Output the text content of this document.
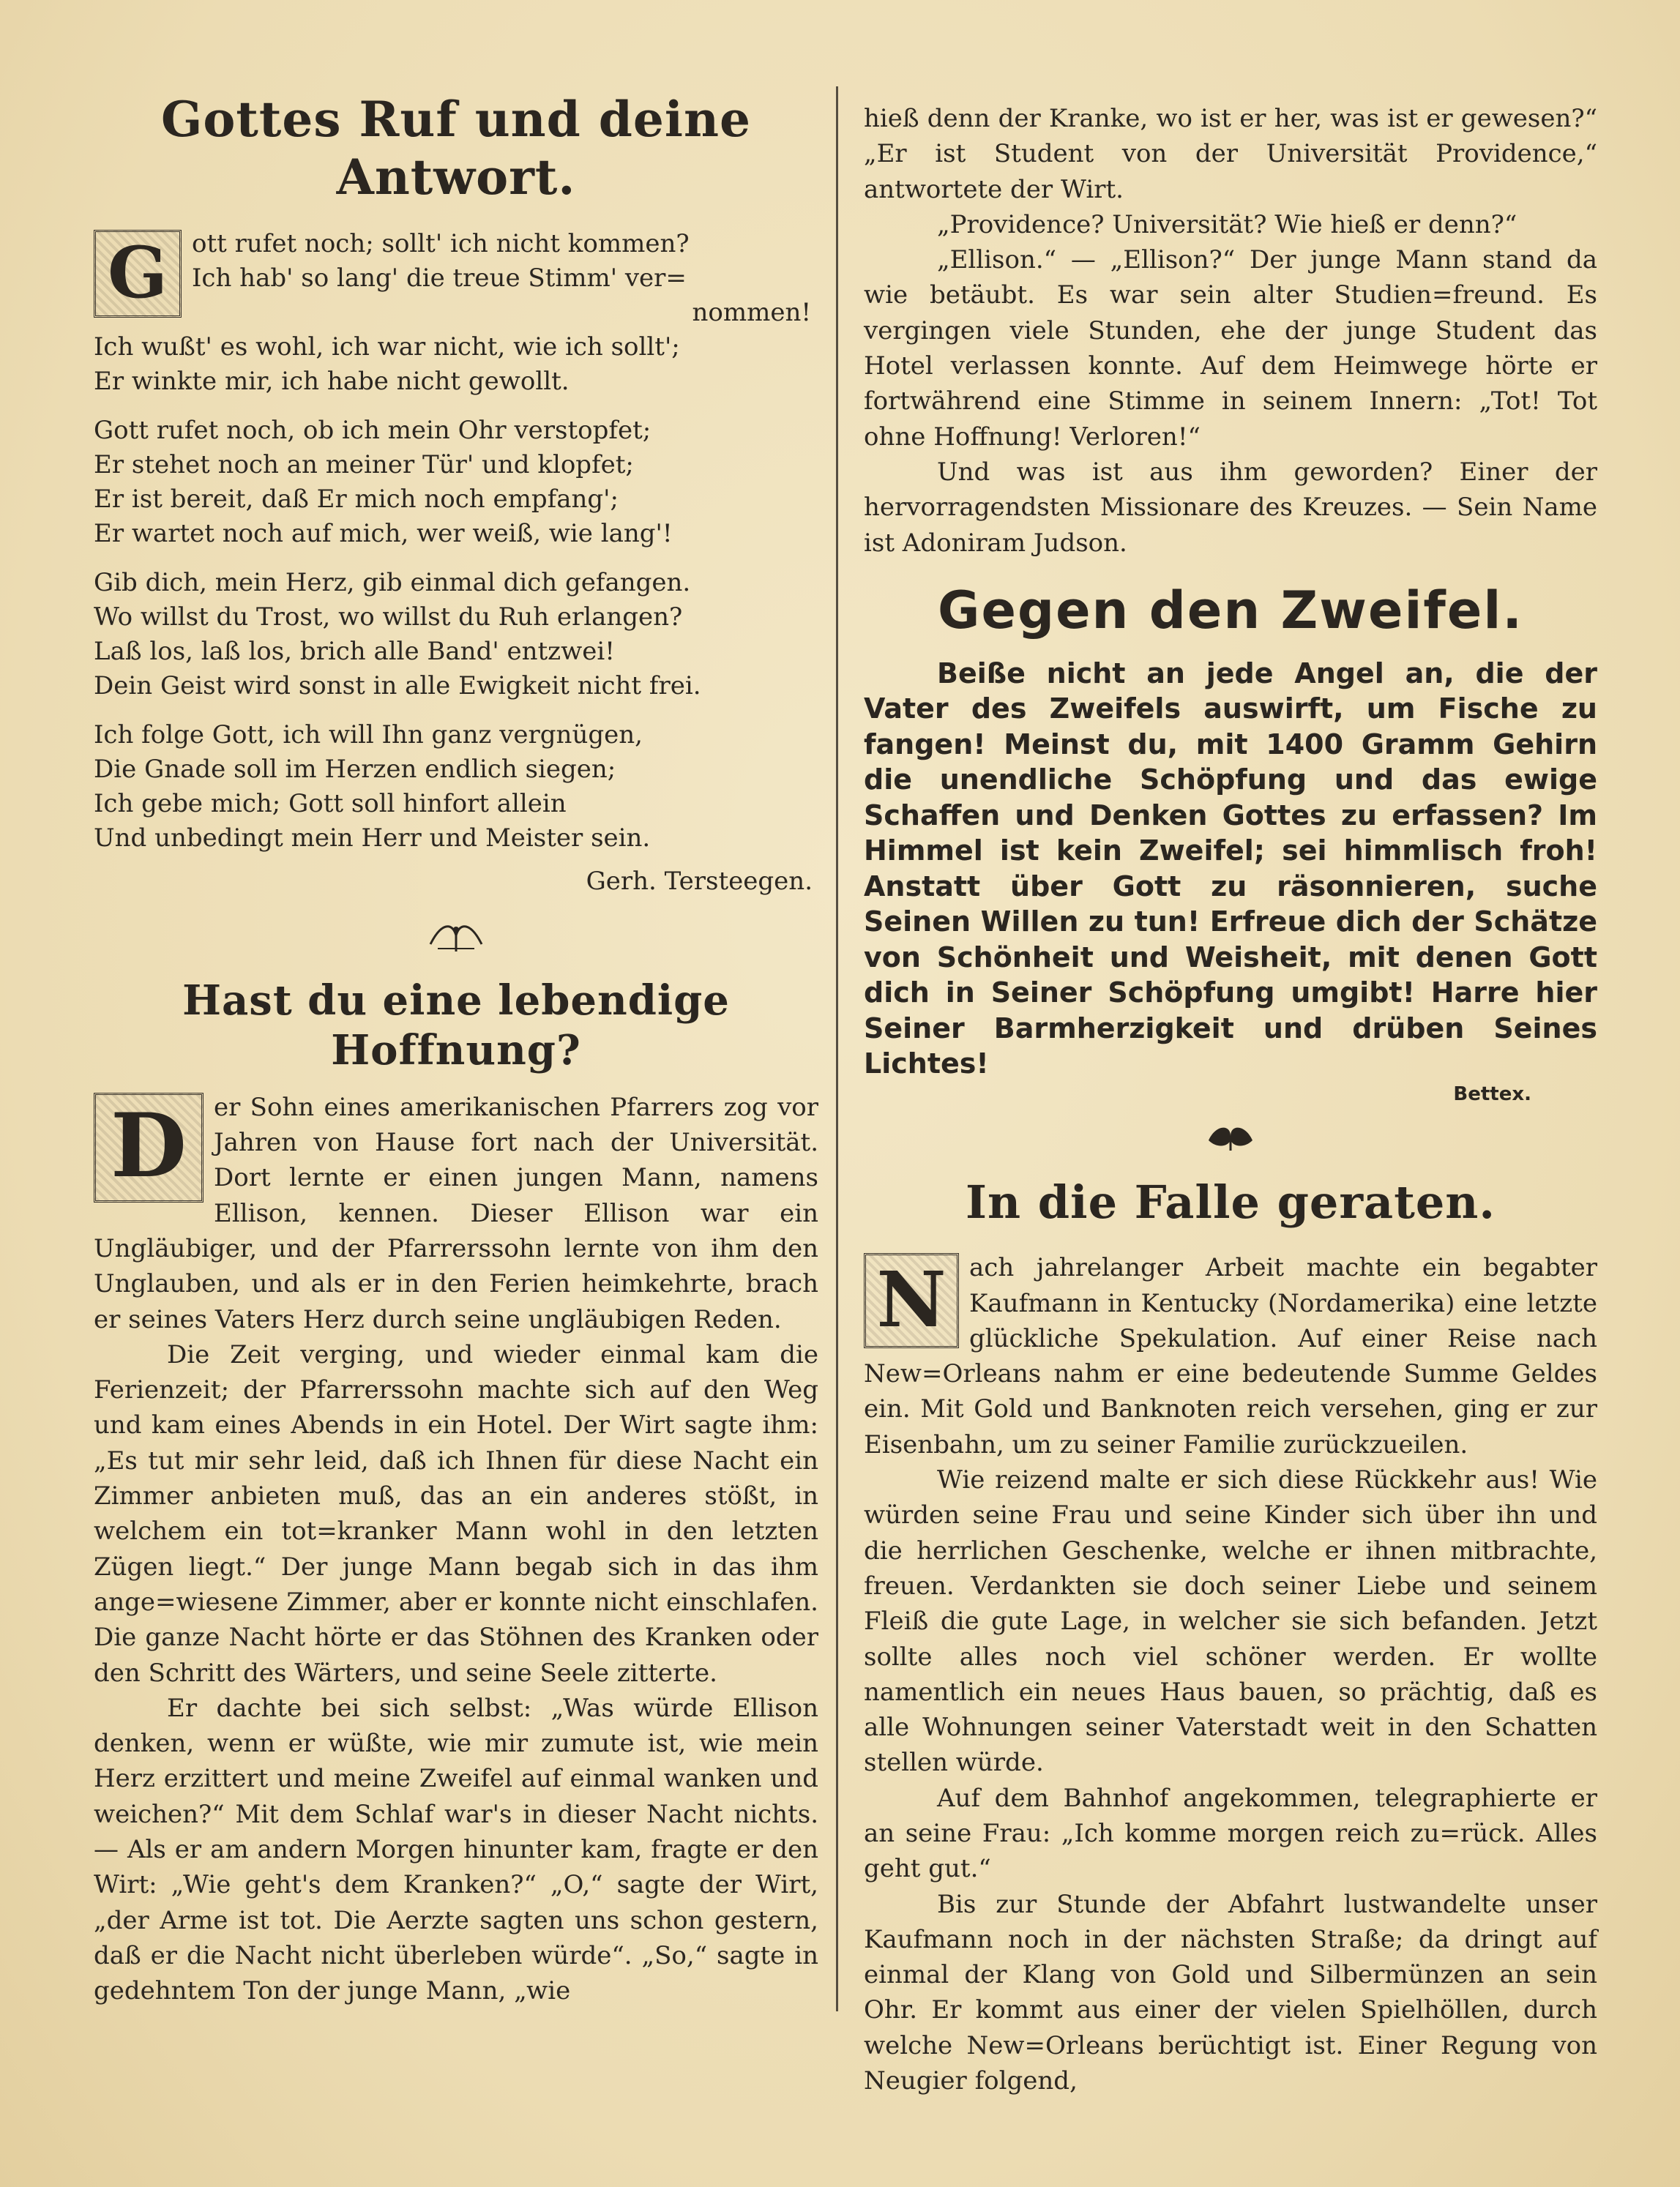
Gottes Ruf und deine Antwort.
G ott rufet noch; sollt' ich nicht kommen?
Ich hab' so lang' die treue Stimm' ver=
nommen!
Ich wußt' es wohl, ich war nicht, wie ich sollt';
Er winkte mir, ich habe nicht gewollt.
Gott rufet noch, ob ich mein Ohr verstopfet;
Er stehet noch an meiner Tür' und klopfet;
Er ist bereit, daß Er mich noch empfang';
Er wartet noch auf mich, wer weiß, wie lang'!
Gib dich, mein Herz, gib einmal dich gefangen.
Wo willst du Trost, wo willst du Ruh erlangen?
Laß los, laß los, brich alle Band' entzwei!
Dein Geist wird sonst in alle Ewigkeit nicht frei.
Ich folge Gott, ich will Ihn ganz vergnügen,
Die Gnade soll im Herzen endlich siegen;
Ich gebe mich; Gott soll hinfort allein
Und unbedingt mein Herr und Meister sein.
Gerh. Tersteegen.
Hast du eine lebendige Hoffnung?

D	er Sohn eines amerikanischen Pfarrers zog vor Jahren von Hause fort nach der Universität. Dort lernte er einen jungen Mann, namens Ellison, kennen. Dieser Ellison war ein Ungläubiger, und der Pfarrerssohn lernte von ihm den Unglauben, und als er in den Ferien heimkehrte, brach er seines Vaters Herz durch seine ungläubigen Reden.

Die Zeit verging, und wieder einmal kam die Ferienzeit; der Pfarrerssohn machte sich auf den Weg und kam eines Abends in ein Hotel. Der Wirt sagte ihm: „Es tut mir sehr leid, daß ich Ihnen für diese Nacht ein Zimmer anbieten muß, das an ein anderes stößt, in welchem ein tot=kranker Mann wohl in den letzten Zügen liegt.“ Der junge Mann begab sich in das ihm ange=wiesene Zimmer, aber er konnte nicht einschlafen. Die ganze Nacht hörte er das Stöhnen des Kranken oder den Schritt des Wärters, und seine Seele zitterte.

Er dachte bei sich selbst: „Was würde Ellison denken, wenn er wüßte, wie mir zumute ist, wie mein Herz erzittert und meine Zweifel auf einmal wanken und weichen?“ Mit dem Schlaf war's in dieser Nacht nichts. — Als er am andern Morgen hinunter kam, fragte er den Wirt: „Wie geht's dem Kranken?“ „O,“ sagte der Wirt, „der Arme ist tot. Die Aerzte sagten uns schon gestern, daß er die Nacht nicht überleben würde“. „So,“ sagte in gedehntem Ton der junge Mann, „wie

hieß denn der Kranke, wo ist er her, was ist er gewesen?“ „Er ist Student von der Universität Providence,“ antwortete der Wirt.

„Providence? Universität? Wie hieß er denn?“

„Ellison.“ — „Ellison?“ Der junge Mann stand da wie betäubt. Es war sein alter Studien=freund. Es vergingen viele Stunden, ehe der junge Student das Hotel verlassen konnte. Auf dem Heimwege hörte er fortwährend eine Stimme in seinem Innern: „Tot! Tot ohne Hoffnung! Verloren!“

Und was ist aus ihm geworden? Einer der hervorragendsten Missionare des Kreuzes. — Sein Name ist Adoniram Judson.

Gegen den Zweifel.

Beiße nicht an jede Angel an, die der Vater des Zweifels auswirft, um Fische zu fangen! Meinst du, mit 1400 Gramm Gehirn die unendliche Schöpfung und das ewige Schaffen und Denken Gottes zu erfassen? Im Himmel ist kein Zweifel; sei himmlisch froh! Anstatt über Gott zu räsonnieren, suche Seinen Willen zu tun! Erfreue dich der Schätze von Schönheit und Weisheit, mit denen Gott dich in Seiner Schöpfung umgibt! Harre hier Seiner Barmherzigkeit und drüben Seines Lichtes!

Bettex.
In die Falle geraten.

N ach jahrelanger Arbeit machte ein begabter Kaufmann in Kentucky (Nordamerika) eine letzte glückliche Spekulation. Auf einer Reise nach New=Orleans nahm er eine bedeutende Summe Geldes ein. Mit Gold und Banknoten reich versehen, ging er zur Eisenbahn, um zu seiner Familie zurückzueilen.

Wie reizend malte er sich diese Rückkehr aus! Wie würden seine Frau und seine Kinder sich über ihn und die herrlichen Geschenke, welche er ihnen mitbrachte, freuen. Verdankten sie doch seiner Liebe und seinem Fleiß die gute Lage, in welcher sie sich befanden. Jetzt sollte alles noch viel schöner werden. Er wollte namentlich ein neues Haus bauen, so prächtig, daß es alle Wohnungen seiner Vaterstadt weit in den Schatten stellen würde.

Auf dem Bahnhof angekommen, telegraphierte er an seine Frau: „Ich komme morgen reich zu=rück. Alles geht gut.“

Bis zur Stunde der Abfahrt lustwandelte unser Kaufmann noch in der nächsten Straße; da dringt auf einmal der Klang von Gold und Silbermünzen an sein Ohr. Er kommt aus einer der vielen Spielhöllen, durch welche New=Orleans berüchtigt ist. Einer Regung von Neugier folgend,
